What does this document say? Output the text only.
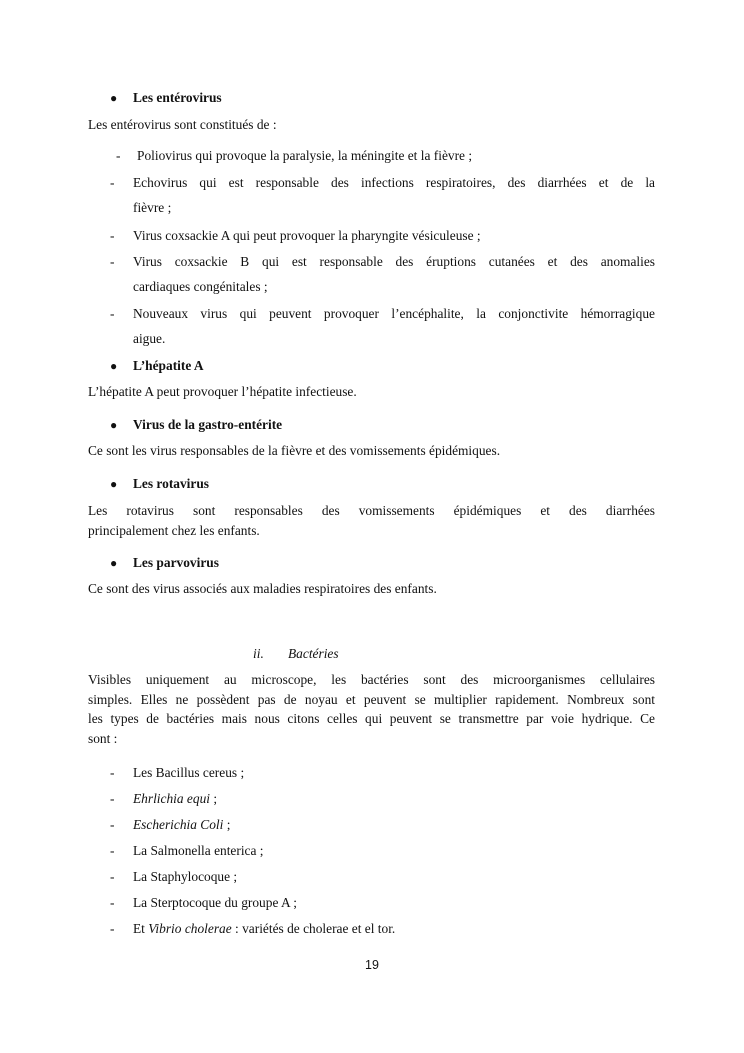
● Les entérovirus
Les entérovirus sont constitués de :
- Poliovirus qui provoque la paralysie, la méningite et la fièvre ;
- Echovirus qui est responsable des infections respiratoires, des diarrhées et de la
fièvre ;
- Virus coxsackie A qui peut provoquer la pharyngite vésiculeuse ;
- Virus coxsackie B qui est responsable des éruptions cutanées et des anomalies
cardiaques congénitales ;
- Nouveaux virus qui peuvent provoquer l’encéphalite, la conjonctivite hémorragique
aigue.
● L’hépatite A
L’hépatite A peut provoquer l’hépatite infectieuse.
● Virus de la gastro-entérite
Ce sont les virus responsables de la fièvre et des vomissements épidémiques.
● Les rotavirus

Les rotavirus sont responsables des vomissements épidémiques et des diarrhées

principalement chez les enfants.

● Les parvovirus
Ce sont des virus associés aux maladies respiratoires des enfants.
ii. Bactéries

Visibles uniquement au microscope, les bactéries sont des microorganismes cellulaires

simples. Elles ne possèdent pas de noyau et peuvent se multiplier rapidement. Nombreux sont

les types de bactéries mais nous citons celles qui peuvent se transmettre par voie hydrique. Ce

sont :

- Les Bacillus cereus ;
- Ehrlichia equi ;
- Escherichia Coli ;
- La Salmonella enterica ;
- La Staphylocoque ;
- La Sterptocoque du groupe A ;
- Et Vibrio cholerae : variétés de cholerae et el tor.
19
